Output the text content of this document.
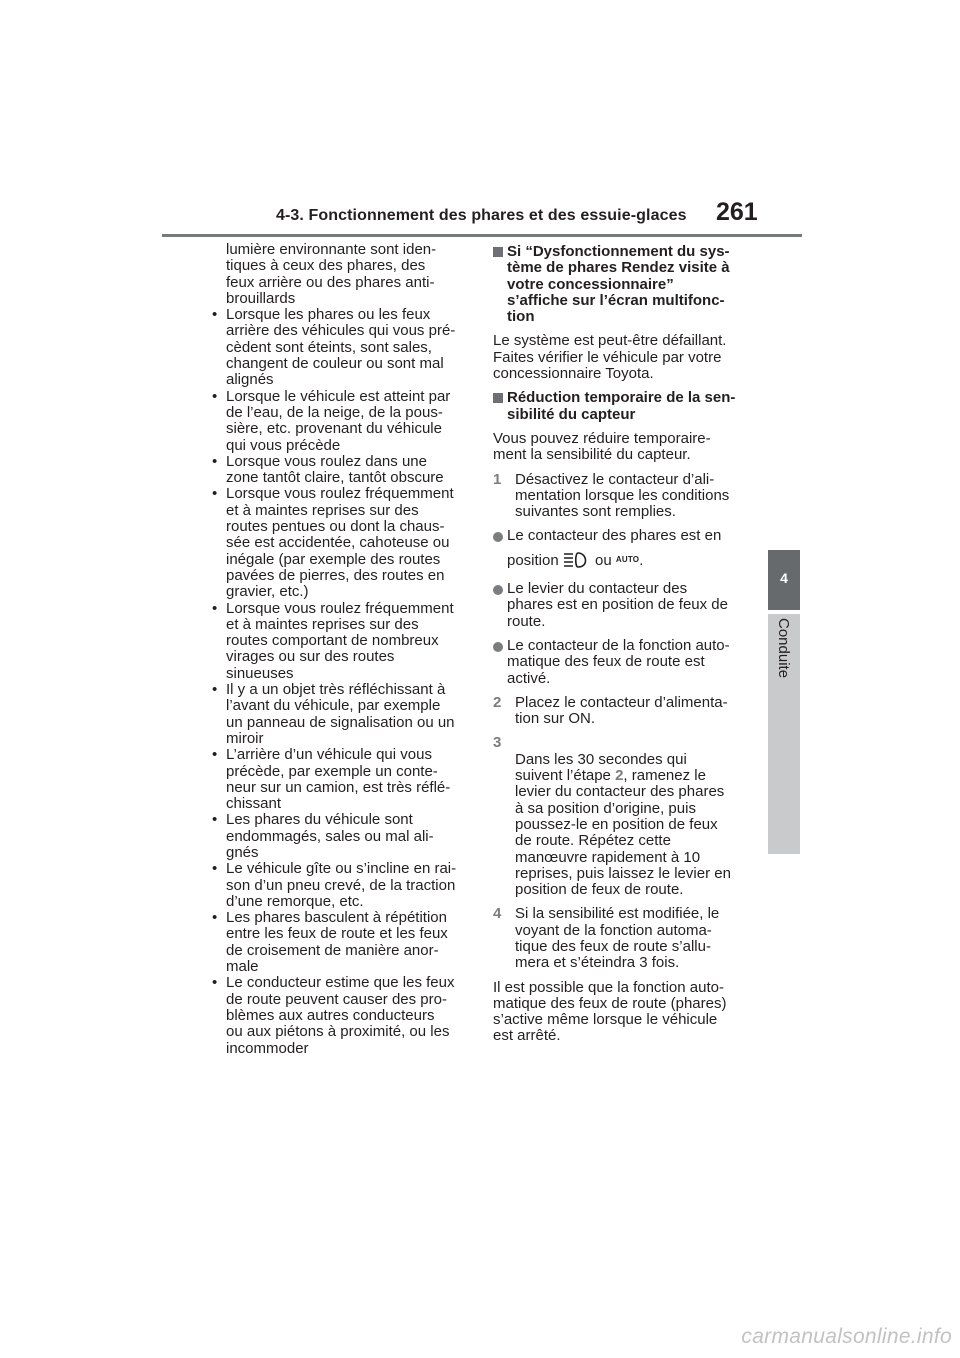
4-3. Fonctionnement des phares et des essuie-glaces 261
4
Conduite
lumière environnante sont iden-
tiques à ceux des phares, des
feux arrière ou des phares anti-
brouillards
• Lorsque les phares ou les feux
arrière des véhicules qui vous pré-
cèdent sont éteints, sont sales,
changent de couleur ou sont mal
alignés
• Lorsque le véhicule est atteint par
de l’eau, de la neige, de la pous-
sière, etc. provenant du véhicule
qui vous précède
• Lorsque vous roulez dans une
zone tantôt claire, tantôt obscure
• Lorsque vous roulez fréquemment
et à maintes reprises sur des
routes pentues ou dont la chaus-
sée est accidentée, cahoteuse ou
inégale (par exemple des routes
pavées de pierres, des routes en
gravier, etc.)
• Lorsque vous roulez fréquemment
et à maintes reprises sur des
routes comportant de nombreux
virages ou sur des routes
sinueuses
• Il y a un objet très réfléchissant à
l’avant du véhicule, par exemple
un panneau de signalisation ou un
miroir
• L’arrière d’un véhicule qui vous
précède, par exemple un conte-
neur sur un camion, est très réflé-
chissant
• Les phares du véhicule sont
endommagés, sales ou mal ali-
gnés
• Le véhicule gîte ou s’incline en rai-
son d’un pneu crevé, de la traction
d’une remorque, etc.
• Les phares basculent à répétition
entre les feux de route et les feux
de croisement de manière anor-
male
• Le conducteur estime que les feux
de route peuvent causer des pro-
blèmes aux autres conducteurs
ou aux piétons à proximité, ou les
incommoder
Si “Dysfonctionnement du sys-
tème de phares Rendez visite à
votre concessionnaire”
s’affiche sur l’écran multifonc-
tion
Le système est peut-être défaillant.
Faites vérifier le véhicule par votre
concessionnaire Toyota.
Réduction temporaire de la sen-
sibilité du capteur
Vous pouvez réduire temporaire-
ment la sensibilité du capteur.
1 Désactivez le contacteur d’ali-
mentation lorsque les conditions
suivantes sont remplies.
Le contacteur des phares est en
position ou $^{AUTO}$.
Le levier du contacteur des
phares est en position de feux de
route.
Le contacteur de la fonction auto-
matique des feux de route est
activé.
2 Placez le contacteur d’alimenta-
tion sur ON.

3
Dans les 30 secondes qui
suivent l’étape 2, ramenez le
levier du contacteur des phares
à sa position d’origine, puis
poussez-le en position de feux
de route. Répétez cette
manœuvre rapidement à 10
reprises, puis laissez le levier en
position de feux de route.

4 Si la sensibilité est modifiée, le
voyant de la fonction automa-
tique des feux de route s’allu-
mera et s’éteindra 3 fois.
Il est possible que la fonction auto-
matique des feux de route (phares)
s’active même lorsque le véhicule
est arrêté.
carmanualsonline.info
